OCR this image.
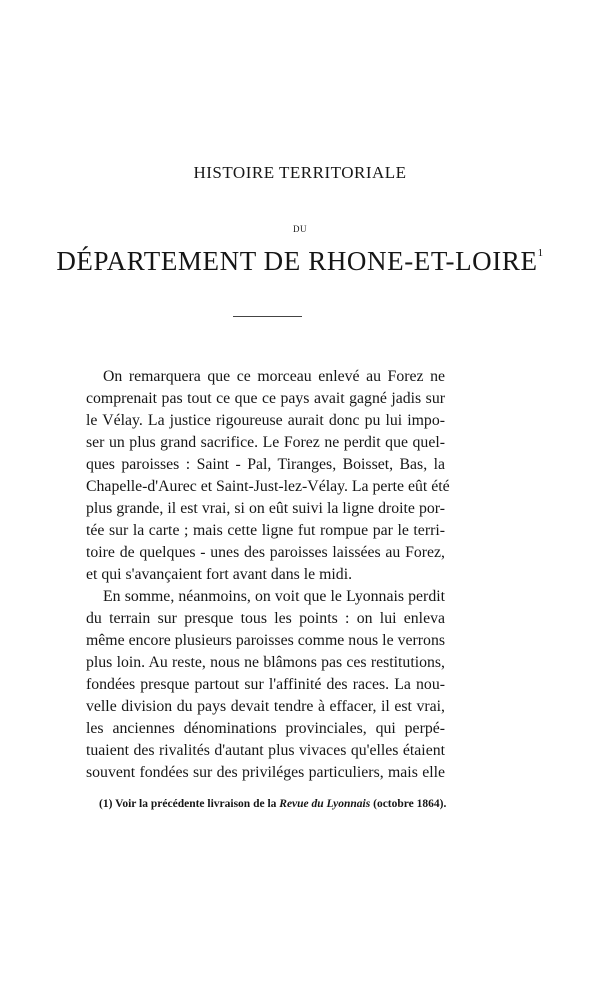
HISTOIRE TERRITORIALE
DU
DÉPARTEMENT DE RHONE-ET-LOIRE$^1$
On remarquera que ce morceau enlevé au Forez ne
comprenait pas tout ce que ce pays avait gagné jadis sur
le Vélay. La justice rigoureuse aurait donc pu lui impo-
ser un plus grand sacrifice. Le Forez ne perdit que quel-
ques paroisses : Saint - Pal, Tiranges, Boisset, Bas, la
Chapelle-d'Aurec et Saint-Just-lez-Vélay. La perte eût été
plus grande, il est vrai, si on eût suivi la ligne droite por-
tée sur la carte ; mais cette ligne fut rompue par le terri-
toire de quelques - unes des paroisses laissées au Forez,
et qui s'avançaient fort avant dans le midi.
En somme, néanmoins, on voit que le Lyonnais perdit
du terrain sur presque tous les points : on lui enleva
même encore plusieurs paroisses comme nous le verrons
plus loin. Au reste, nous ne blâmons pas ces restitutions,
fondées presque partout sur l'affinité des races. La nou-
velle division du pays devait tendre à effacer, il est vrai,
les anciennes dénominations provinciales, qui perpé-
tuaient des rivalités d'autant plus vivaces qu'elles étaient
souvent fondées sur des priviléges particuliers, mais elle
(1) Voir la précédente livraison de la Revue du Lyonnais (octobre 1864).
